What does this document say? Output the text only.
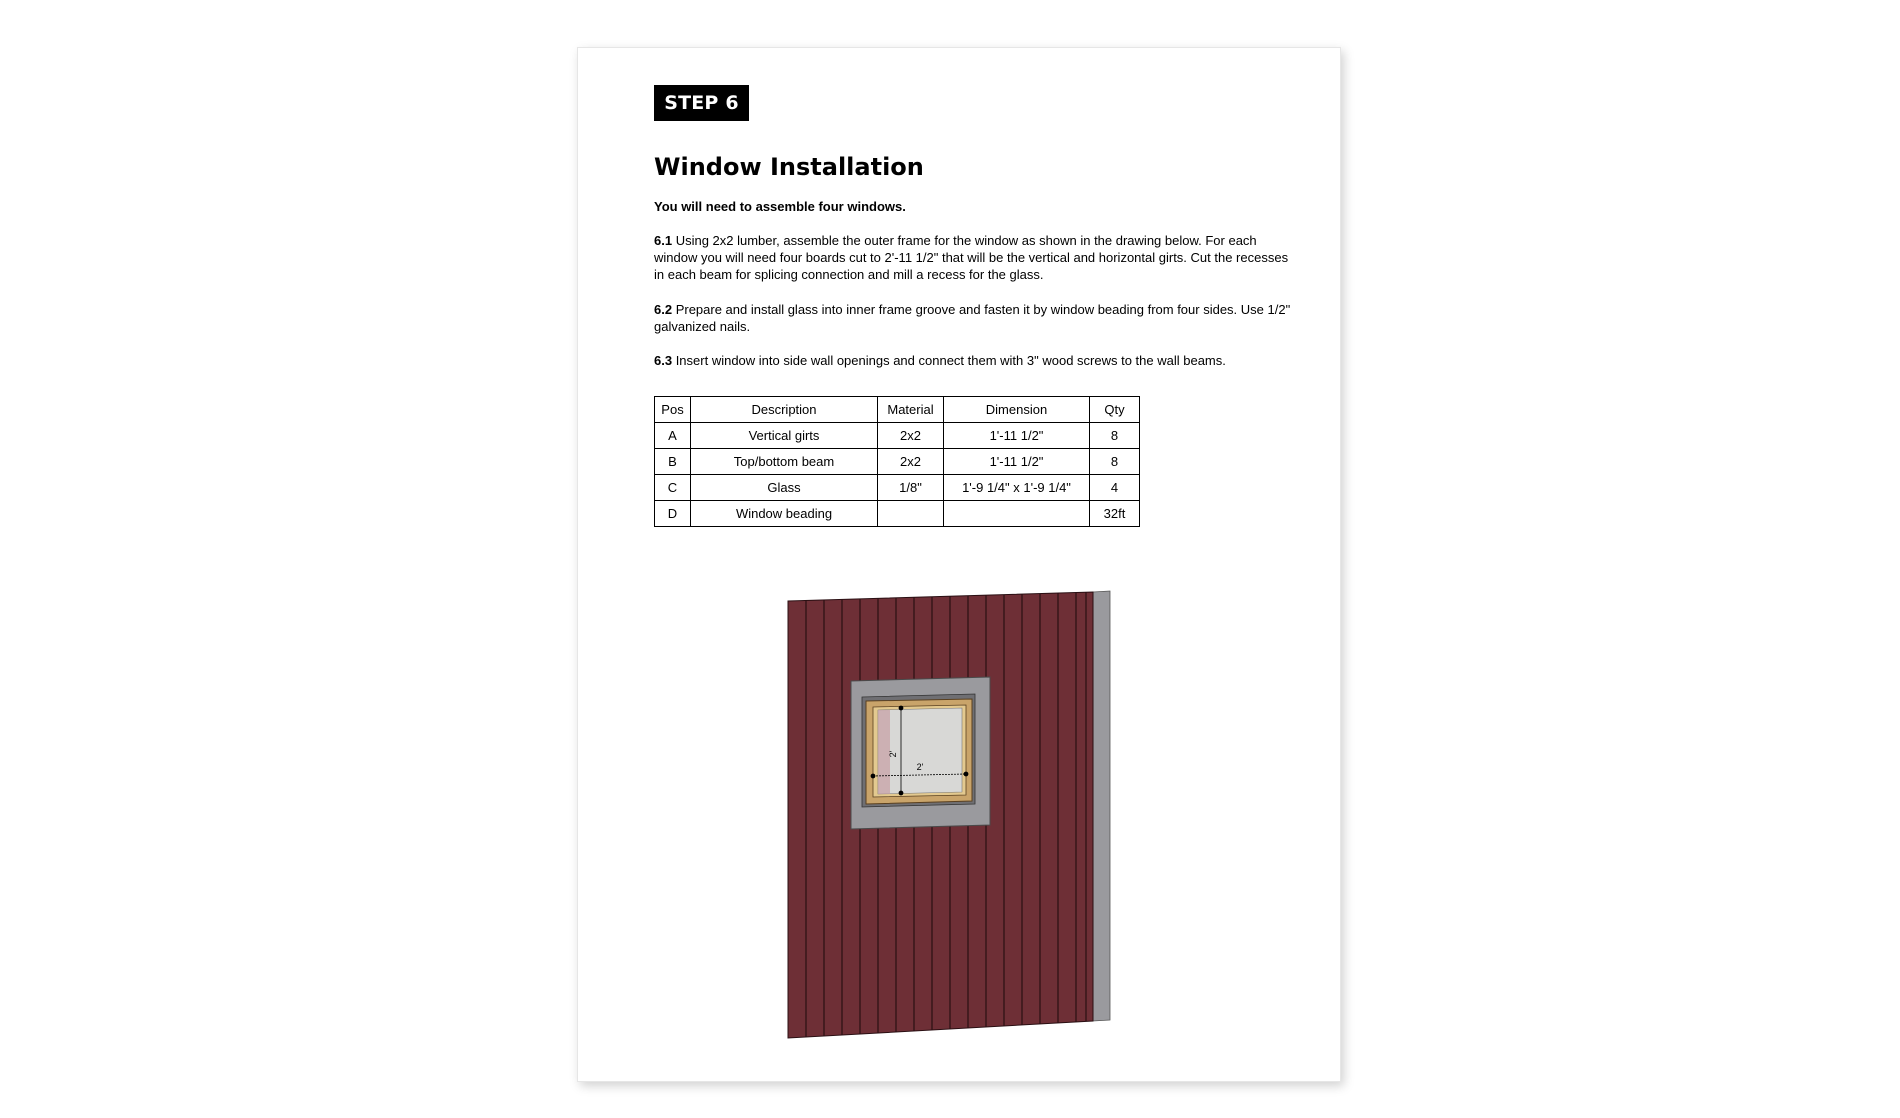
STEP 6
Window Installation

You will need to assemble four windows.

6.1 Using 2x2 lumber, assemble the outer frame for the window as shown in the drawing below. For each window you will need four boards cut to 2'-11 1/2" that will be the vertical and horizontal girts. Cut the recesses in each beam for splicing connection and mill a recess for the glass.

6.2 Prepare and install glass into inner frame groove and fasten it by window beading from four sides. Use 1/2" galvanized nails.

6.3 Insert window into side wall openings and connect them with 3" wood screws to the wall beams.

Pos	Description	Material	Dimension	Qty
A	Vertical girts	2x2	1'-11 1/2"	8
B	Top/bottom beam	2x2	1'-11 1/2"	8
C	Glass	1/8"	1'-9 1/4" x 1'-9 1/4"	4
D	Window beading			32ft
2'
2'
